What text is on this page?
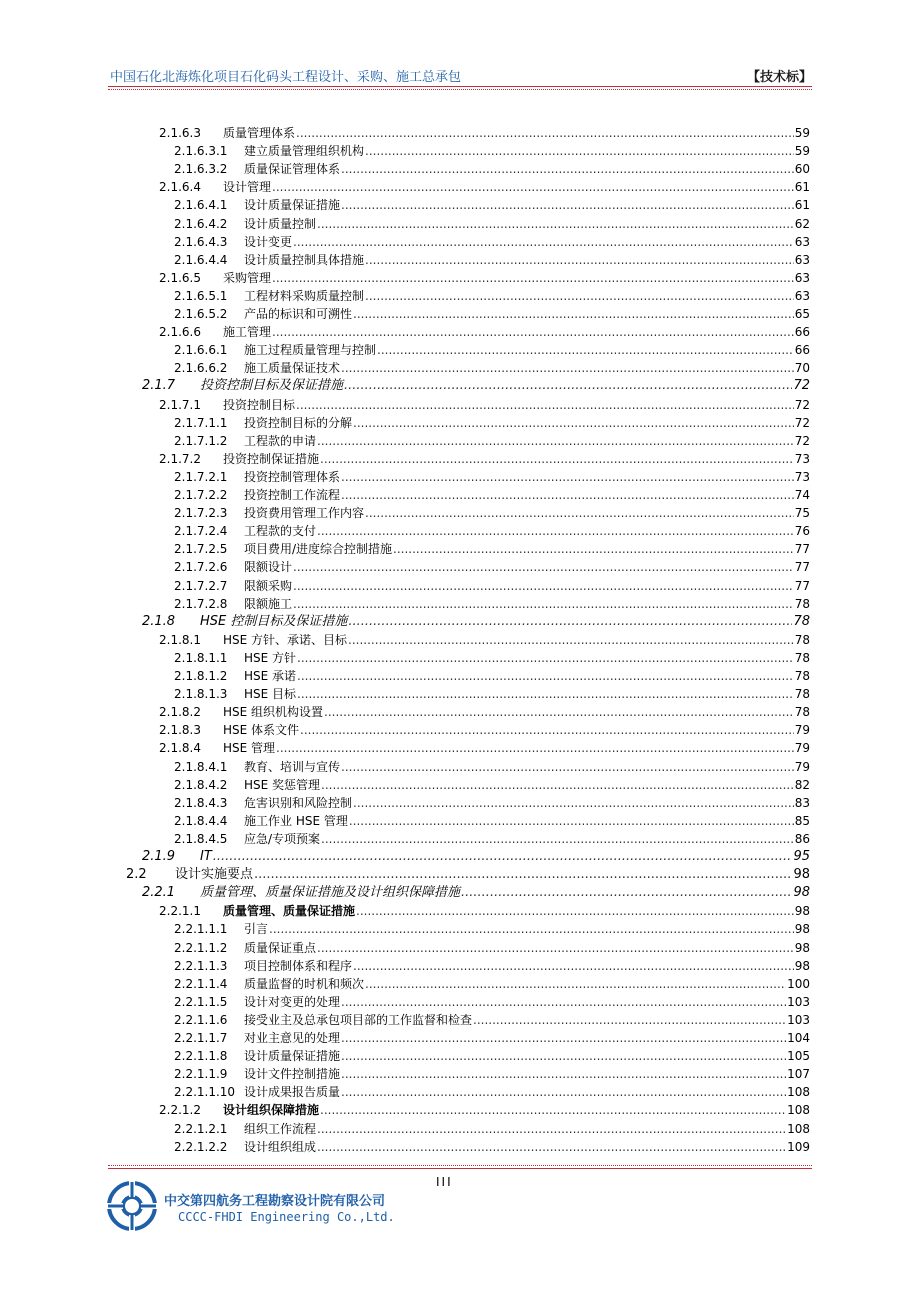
中国石化北海炼化项目石化码头工程设计、采购、施工总承包	【技术标】
2.1.6.3	质量管理体系 .....	59
2.1.6.3.1	建立质量管理组织机构 .....	59
2.1.6.3.2	质量保证管理体系 .....	60
2.1.6.4	设计管理 .....	61
2.1.6.4.1	设计质量保证措施 .....	61
2.1.6.4.2	设计质量控制 .....	62
2.1.6.4.3	设计变更 .....	63
2.1.6.4.4	设计质量控制具体措施 .....	63
2.1.6.5	采购管理 .....	63
2.1.6.5.1	工程材料采购质量控制 .....	63
2.1.6.5.2	产品的标识和可溯性 .....	65
2.1.6.6	施工管理 .....	66
2.1.6.6.1	施工过程质量管理与控制 .....	66
2.1.6.6.2	施工质量保证技术 .....	70
2.1.7	投资控制目标及保证措施 .....	72
2.1.7.1	投资控制目标 .....	72
2.1.7.1.1	投资控制目标的分解 .....	72
2.1.7.1.2	工程款的申请 .....	72
2.1.7.2	投资控制保证措施 .....	73
2.1.7.2.1	投资控制管理体系 .....	73
2.1.7.2.2	投资控制工作流程 .....	74
2.1.7.2.3	投资费用管理工作内容 .....	75
2.1.7.2.4	工程款的支付 .....	76
2.1.7.2.5	项目费用/进度综合控制措施 .....	77
2.1.7.2.6	限额设计 .....	77
2.1.7.2.7	限额采购 .....	77
2.1.7.2.8	限额施工 .....	78
2.1.8	HSE 控制目标及保证措施 .....	78
2.1.8.1	HSE 方针、承诺、目标 .....	78
2.1.8.1.1	HSE 方针 .....	78
2.1.8.1.2	HSE 承诺 .....	78
2.1.8.1.3	HSE 目标 .....	78
2.1.8.2	HSE 组织机构设置 .....	78
2.1.8.3	HSE 体系文件 .....	79
2.1.8.4	HSE 管理 .....	79
2.1.8.4.1	教育、培训与宣传 .....	79
2.1.8.4.2	HSE 奖惩管理 .....	82
2.1.8.4.3	危害识别和风险控制 .....	83
2.1.8.4.4	施工作业 HSE 管理 .....	85
2.1.8.4.5	应急/专项预案 .....	86
2.1.9	IT .....	95
2.2	设计实施要点 .....	98
2.2.1	质量管理、质量保证措施及设计组织保障措施 .....	98
2.2.1.1	质量管理、质量保证措施 .....	98
2.2.1.1.1	引言 .....	98
2.2.1.1.2	质量保证重点 .....	98
2.2.1.1.3	项目控制体系和程序 .....	98
2.2.1.1.4	质量监督的时机和频次 .....	100
2.2.1.1.5	设计对变更的处理 .....	103
2.2.1.1.6	接受业主及总承包项目部的工作监督和检查 .....	103
2.2.1.1.7	对业主意见的处理 .....	104
2.2.1.1.8	设计质量保证措施 .....	105
2.2.1.1.9	设计文件控制措施 .....	107
2.2.1.1.10 设计成果报告质量 .....	108
2.2.1.2	设计组织保障措施 .....	108
2.2.1.2.1	组织工作流程 .....	108
2.2.1.2.2	设计组织组成 .....	109
III
中交第四航务工程勘察设计院有限公司
CCCC-FHDI Engineering Co.,Ltd.
